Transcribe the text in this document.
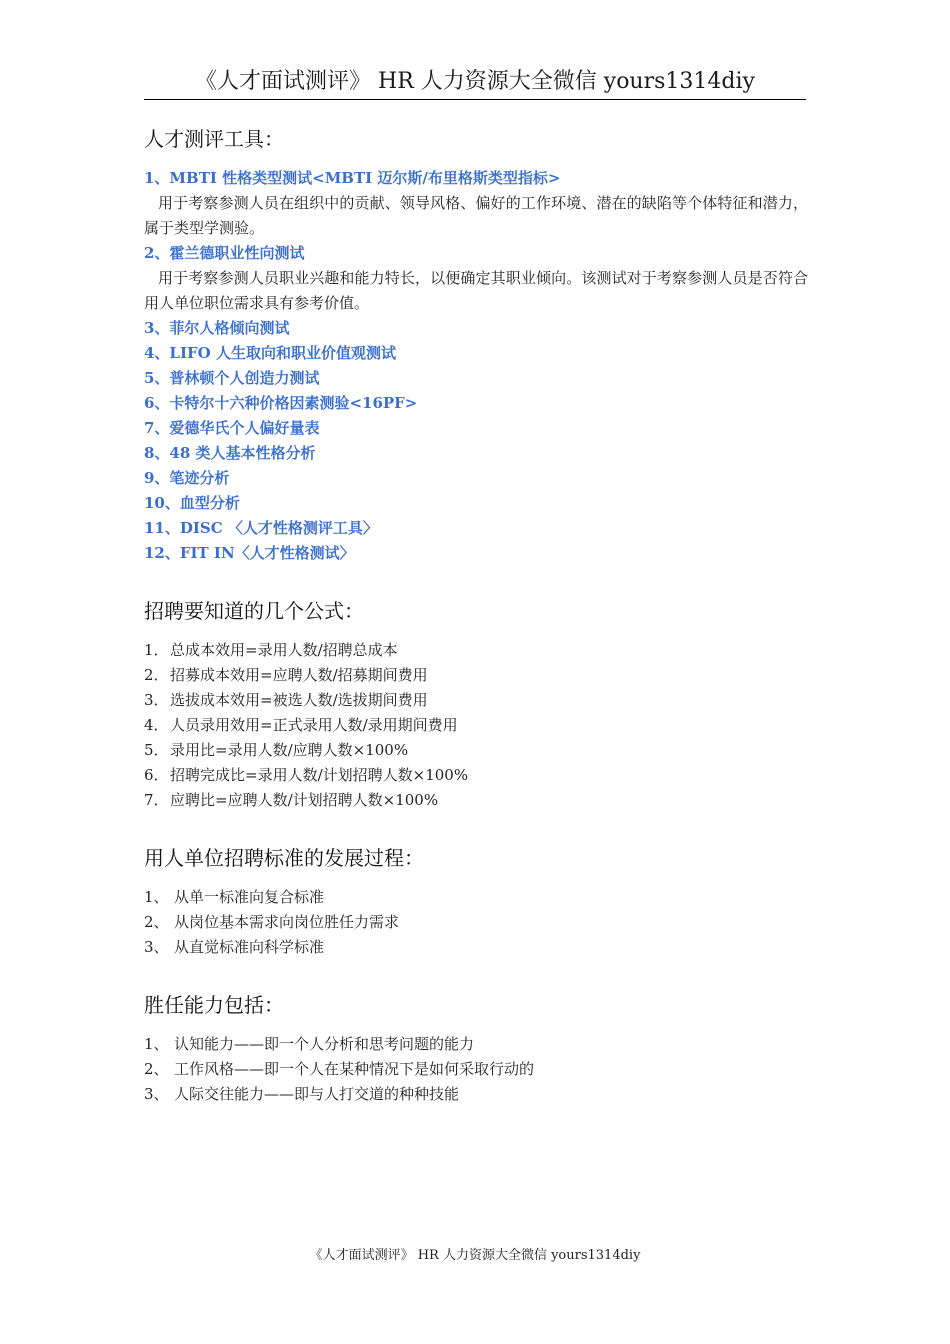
《人才面试测评》 HR 人力资源大全微信 yours1314diy
人才测评工具：
1、MBTI 性格类型测试<MBTI 迈尔斯/布里格斯类型指标>

用于考察参测人员在组织中的贡献、领导风格、偏好的工作环境、潜在的缺陷等个体特征和潜力，属于类型学测验。

2、霍兰德职业性向测试

用于考察参测人员职业兴趣和能力特长，以便确定其职业倾向。该测试对于考察参测人员是否符合用人单位职位需求具有参考价值。

3、菲尔人格倾向测试
4、LIFO 人生取向和职业价值观测试
5、普林顿个人创造力测试
6、卡特尔十六种价格因素测验<16PF>
7、爱德华氏个人偏好量表
8、48 类人基本性格分析
9、笔迹分析
10、血型分析
11、DISC 〈人才性格测评工具〉
12、FIT IN〈人才性格测试〉
招聘要知道的几个公式：
1．总成本效用=录用人数/招聘总成本
2．招募成本效用=应聘人数/招募期间费用
3．选拔成本效用=被选人数/选拔期间费用
4．人员录用效用=正式录用人数/录用期间费用
5．录用比=录用人数/应聘人数×100%
6．招聘完成比=录用人数/计划招聘人数×100%
7．应聘比=应聘人数/计划招聘人数×100%
用人单位招聘标准的发展过程：
1、 从单一标准向复合标准
2、 从岗位基本需求向岗位胜任力需求
3、 从直觉标准向科学标准
胜任能力包括：
1、 认知能力——即一个人分析和思考问题的能力
2、 工作风格——即一个人在某种情况下是如何采取行动的
3、 人际交往能力——即与人打交道的种种技能
《人才面试测评》 HR 人力资源大全微信 yours1314diy
